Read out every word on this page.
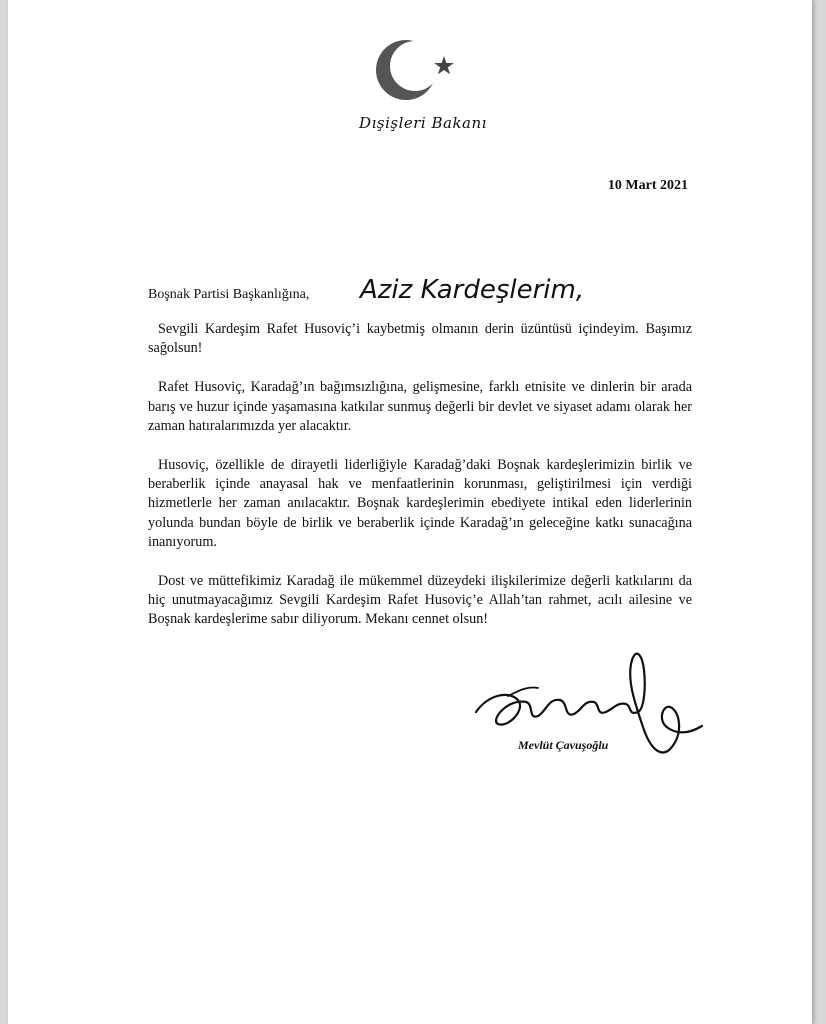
Dışişleri Bakanı
10 Mart 2021
Boşnak Partisi Başkanlığına, Aziz Kardeşlerim,

Sevgili Kardeşim Rafet Husoviç’i kaybetmiş olmanın derin üzüntüsü içindeyim. Başımız sağolsun!

Rafet Husoviç, Karadağ’ın bağımsızlığına, gelişmesine, farklı etnisite ve dinlerin bir arada barış ve huzur içinde yaşamasına katkılar sunmuş değerli bir devlet ve siyaset adamı olarak her zaman hatıralarımızda yer alacaktır.

Husoviç, özellikle de dirayetli liderliğiyle Karadağ’daki Boşnak kardeşlerimizin birlik ve beraberlik içinde anayasal hak ve menfaatlerinin korunması, geliştirilmesi için verdiği hizmetlerle her zaman anılacaktır. Boşnak kardeşlerimin ebediyete intikal eden liderlerinin yolunda bundan böyle de birlik ve beraberlik içinde Karadağ’ın geleceğine katkı sunacağına inanıyorum.

Dost ve müttefikimiz Karadağ ile mükemmel düzeydeki ilişkilerimize değerli katkılarını da hiç unutmayacağımız Sevgili Kardeşim Rafet Husoviç’e Allah’tan rahmet, acılı ailesine ve Boşnak kardeşlerime sabır diliyorum. Mekanı cennet olsun!

Mevlüt Çavuşoğlu
